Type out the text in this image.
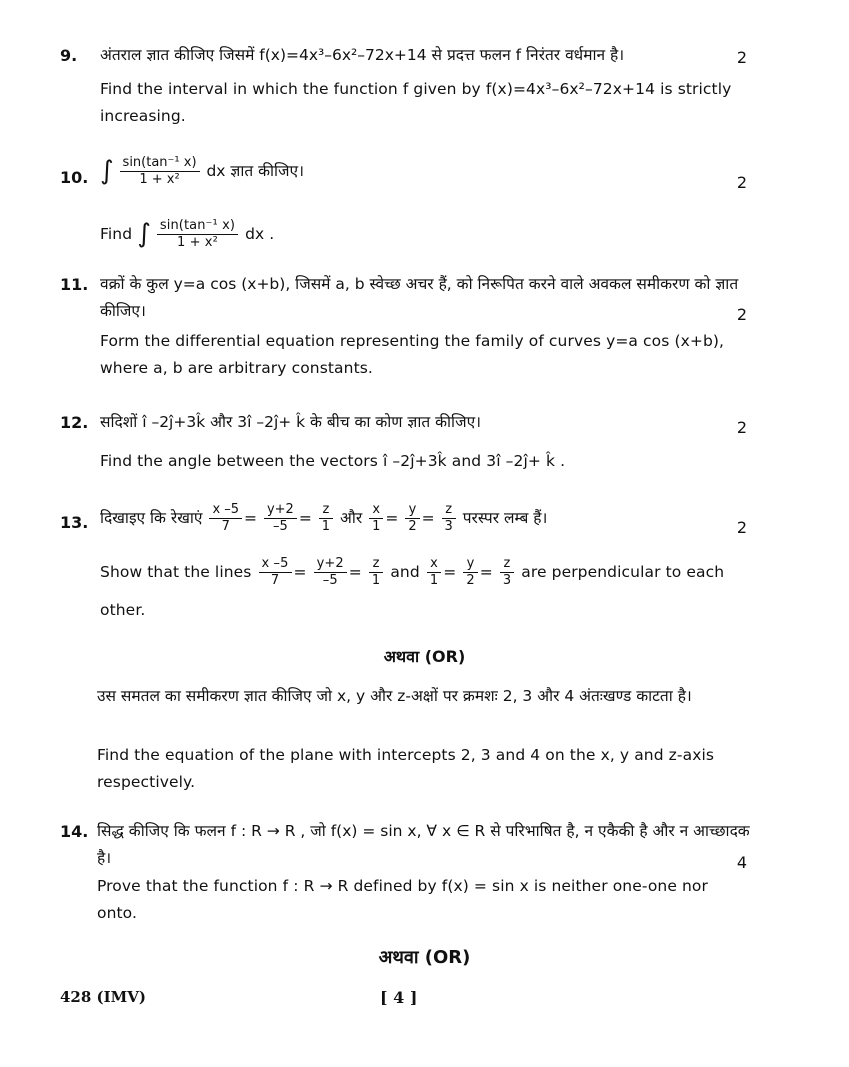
9. अंतराल ज्ञात कीजिए जिसमें f(x)=4x³–6x²–72x+14 से प्रदत्त फलन f निरंतर वर्धमान है।	2
Find the interval in which the function f given by f(x)=4x³–6x²–72x+14 is strictly increasing.
10. ∫ $\frac{\text{sin(tan⁻¹ x)}}{\text{1 + x²}}$ dx ज्ञात कीजिए।
2
Find ∫ $\frac{\text{sin(tan⁻¹ x)}}{\text{1 + x²}}$ dx .
11. वक्रों के कुल y=a cos (x+b), जिसमें a, b स्वेच्छ अचर हैं, को निरूपित करने वाले अवकल समीकरण को ज्ञात कीजिए।	2
Form the differential equation representing the family of curves y=a cos (x+b), where a, b are arbitrary constants.
12. सदिशों î –2ĵ+3k̂ और 3î –2ĵ+ k̂ के बीच का कोण ज्ञात कीजिए।	2
Find the angle between the vectors î –2ĵ+3k̂ and 3î –2ĵ+ k̂ .
13. दिखाइए कि रेखाएं $\frac{x -5}{7} = \frac{y+2}{-5} = \frac{z}{1}$ और $\frac{x}{1} = \frac{y}{2} = \frac{z}{3}$ परस्पर लम्ब हैं।	2
Show that the lines $\frac{x -5}{7} = \frac{y+2}{-5} = \frac{z}{1}$ and $\frac{x}{1} = \frac{y}{2} = \frac{z}{3}$ are perpendicular to each
other.
अथवा (OR)
उस समतल का समीकरण ज्ञात कीजिए जो x, y और z-अक्षों पर क्रमशः 2, 3 और 4 अंतःखण्ड काटता है।
Find the equation of the plane with intercepts 2, 3 and 4 on the x, y and z-axis respectively.
14. सिद्ध कीजिए कि फलन f : R → R , जो f(x) = sin x, ∀ x ∈ R से परिभाषित है, न एकैकी है और न आच्छादक है।	4
Prove that the function f : R → R defined by f(x) = sin x is neither one-one nor onto.
अथवा (OR)
428 (IMV)	[ 4 ]
